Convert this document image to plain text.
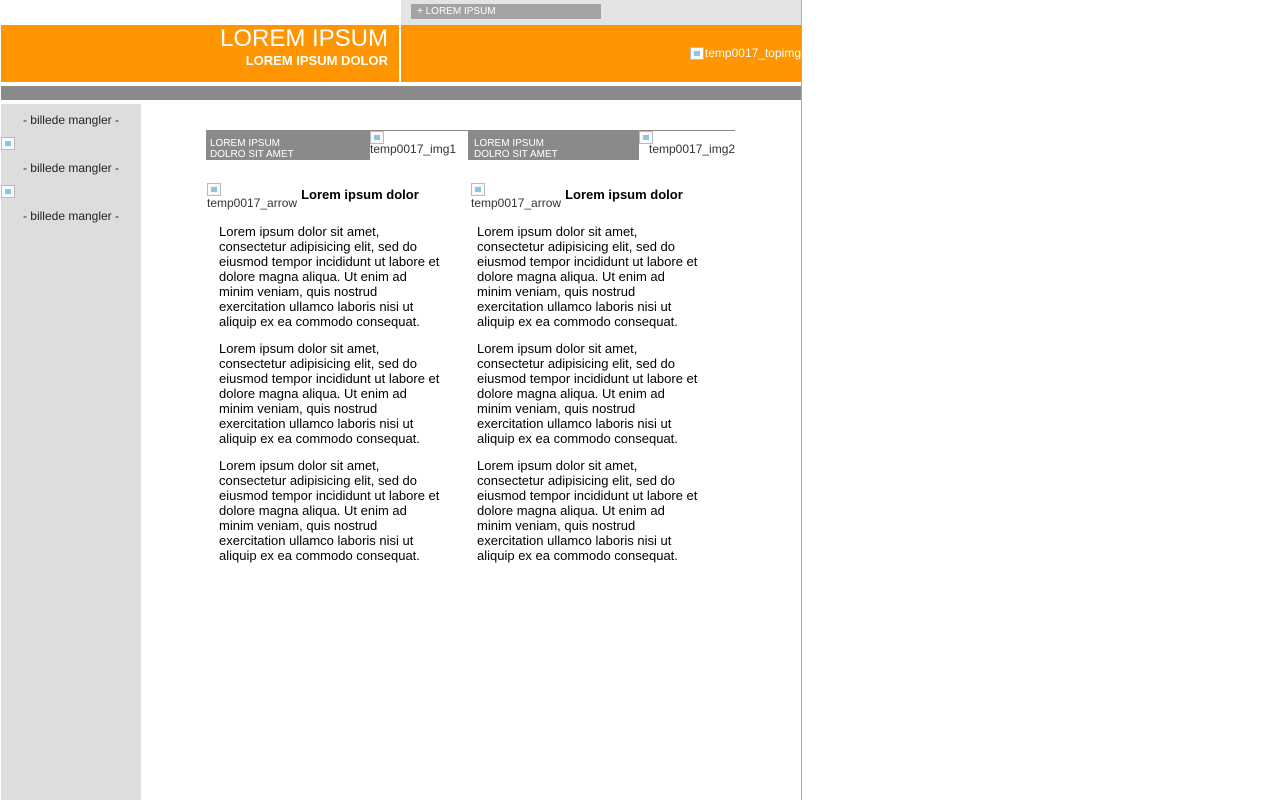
+ LOREM IPSUM
LOREM IPSUM
LOREM IPSUM DOLOR	temp0017_topimg
- billede mangler -
- billede mangler -
- billede mangler -
LOREM IPSUM
DOLRO SIT AMET	temp0017_img1	LOREM IPSUM
DOLRO SIT AMET	temp0017_img2
temp0017_arrow
Lorem ipsum dolor
temp0017_arrow
Lorem ipsum dolor
Lorem ipsum dolor sit amet, consectetur adipisicing elit, sed do eiusmod tempor incididunt ut labore et dolore magna aliqua. Ut enim ad minim veniam, quis nostrud exercitation ullamco laboris nisi ut aliquip ex ea commodo consequat.
Lorem ipsum dolor sit amet, consectetur adipisicing elit, sed do eiusmod tempor incididunt ut labore et dolore magna aliqua. Ut enim ad minim veniam, quis nostrud exercitation ullamco laboris nisi ut aliquip ex ea commodo consequat.
Lorem ipsum dolor sit amet, consectetur adipisicing elit, sed do eiusmod tempor incididunt ut labore et dolore magna aliqua. Ut enim ad minim veniam, quis nostrud exercitation ullamco laboris nisi ut aliquip ex ea commodo consequat.
Lorem ipsum dolor sit amet, consectetur adipisicing elit, sed do eiusmod tempor incididunt ut labore et dolore magna aliqua. Ut enim ad minim veniam, quis nostrud exercitation ullamco laboris nisi ut aliquip ex ea commodo consequat.
Lorem ipsum dolor sit amet, consectetur adipisicing elit, sed do eiusmod tempor incididunt ut labore et dolore magna aliqua. Ut enim ad minim veniam, quis nostrud exercitation ullamco laboris nisi ut aliquip ex ea commodo consequat.
Lorem ipsum dolor sit amet, consectetur adipisicing elit, sed do eiusmod tempor incididunt ut labore et dolore magna aliqua. Ut enim ad minim veniam, quis nostrud exercitation ullamco laboris nisi ut aliquip ex ea commodo consequat.
